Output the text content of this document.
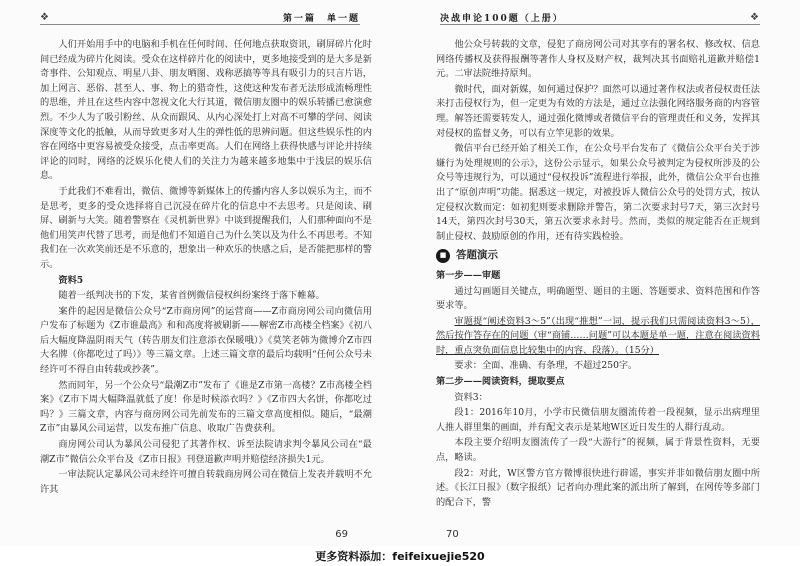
❖	第一篇　单一题

人们开始用手中的电脑和手机在任何时间、任何地点获取资讯，刷屏碎片化时间已经成为碎片化阅读。受众在这样碎片化的阅读中，更多地接受到的是大多是新奇事件、公知观点、明星八卦、朋友晒图、戏称恶搞等等具有吸引力的只言片语，加上网言、恶俗、甚至人、事、物上的猎奇性，这使这种发布者无法形成流畅理性的思维，并且在这些内容中忽视文化大行其道，微信朋友圈中的娱乐转播已愈演愈烈。不少人为了吸引粉丝、从众而跟风、从内心深处打上对高不可攀的学问、阅读深度等文化的抵触，从而导致更多对人生的弹性低的思辨问题。但这些娱乐性的内容在网络中更容易被受众接受，点击率更高。人们在网络上获得快感与评论并持续评论的同时，网络的泛娱乐化使人们的关注力为越来越多地集中于浅层的娱乐信息。

于此我们不难看出，微信、微博等新媒体上的传播内容人多以娱乐为主，而不是思考，更多的受众选择将自己沉浸在碎片化的信息中不去思考。只是阅读、刷屏、刷新与大笑。随着警察在《灵机新世界》中谈到提醒我们，人们那种面向不是他们用笑声代替了思考，而是他们不知道自己为什么笑以及为什么不再思考。不知我们在一次欢笑前还是不乐意的，想象出一种欢乐的快感之后，是否能把那样的警示。

资料5

随着一纸判决书的下发，某省首例微信侵权纠纷案终于落下帷幕。

案件的起因是微信公众号“Z市商房网”的运营商——Z市商房网公司向微信用户发布了标题为《Z市谁最高》和和高度将被刷新——解密Z市高楼全档案》《初八后大幅度降温阴雨天气（转告朋友们注意添衣保暖哦）》《莫笑老韩为微博介Z市四大名牌（你都吃过了吗）》等三篇文章。上述三篇文章的最后均载明“任何公众号未经许可不得自由转载或抄袭”。

然而同年，另一个公众号“最潮Z市”发布了《谁是Z市第一高楼？Z市高楼全档案》《Z市下周大幅降温就低了度！你是时候添衣吗？》《Z市四大名饼，你都吃过吗？》三篇文章，内容与商房网公司先前发布的三篇文章高度相似。随后，“最潮Z市”由暴风公司运营，以发布推广信息、收取广告费获利。

商房网公司认为暴风公司侵犯了其著作权、诉至法院请求判令暴风公司在“最潮Z市”微信公众平台及《Z市日报》刊登道歉声明并赔偿经济损失1元。

一审法院认定暴风公司未经许可擅自转载商房网公司在微信上发表并载明不允许其

69
决战申论100题（上册）	❖

他公众号转载的文章，侵犯了商房网公司对其享有的署名权、修改权、信息网络传播权及获得报酬等著作人身权及财产权，裁判决其书面赔礼道歉并赔偿1元。二审法院维持原判。

微时代，面对新媒，如何通过保护？面然可以通过著作权法或者侵权责任法来打击侵权行为，但一定更为有效的方法是，通过立法强化网络服务商的内容管理。解答还需要转发人，通过强化微博或者微信平台的管理责任和义务，发挥其对侵权的监督义务，可以有立竿见影的效果。

微信平台已经开始了相关工作，在公众号平台发布了《微信公众平台关于涉嫌行为处理规则的公示》，这份公示显示，如果公众号被判定为侵权所涉及的公众号等违规行为，可以通过“侵权投诉”流程进行举报，此外，微信公众平台也推出了“原创声明”功能。据悉这一规定，对被投诉人微信公众号的处罚方式，按认定侵权次数而定：如初犯则要求删除并警告，第二次要求封号7天，第三次封号14天，第四次封号30天，第五次要求永封号。然而，类似的规定能否在正规到制止侵权、鼓励原创的作用，还有待实践检验。

■ 答题演示

第一步——审题

通过勾画题目关键点，明确题型、题目的主题、答题要求、资料范围和作答要求等。

审题提“阐述资料3～5”（出现“推想”一词，提示我们只需阅读资料3～5），然后按作答存在的问题（审“商铺……问题”可以本题是单一题，注意在阅读资料时，重点突负面信息比较集中的内容、段落）。（15分）

要求：全面、准确、有条理，不超过250字。

第二步——阅读资料，提取要点

资料3：

段1：2016年10月，小学市民微信朋友圈流传着一段视频，显示出病理里人推人群里集的画面，并有配文表示是某地W区近日发生的人群行乱动。

本段主要介绍明友圈流传了一段“大游行”的视频，属于背景性资料，无要点，略读。

段2：对此，W区警方官方微博很快进行辟谣，事实并非如微信朋友圈中所述。《长江日报》（数字报纸）记者向办理此案的派出所了解到，在网传等多部门的配合下，警

70
更多资料添加：feifeixuejie520
